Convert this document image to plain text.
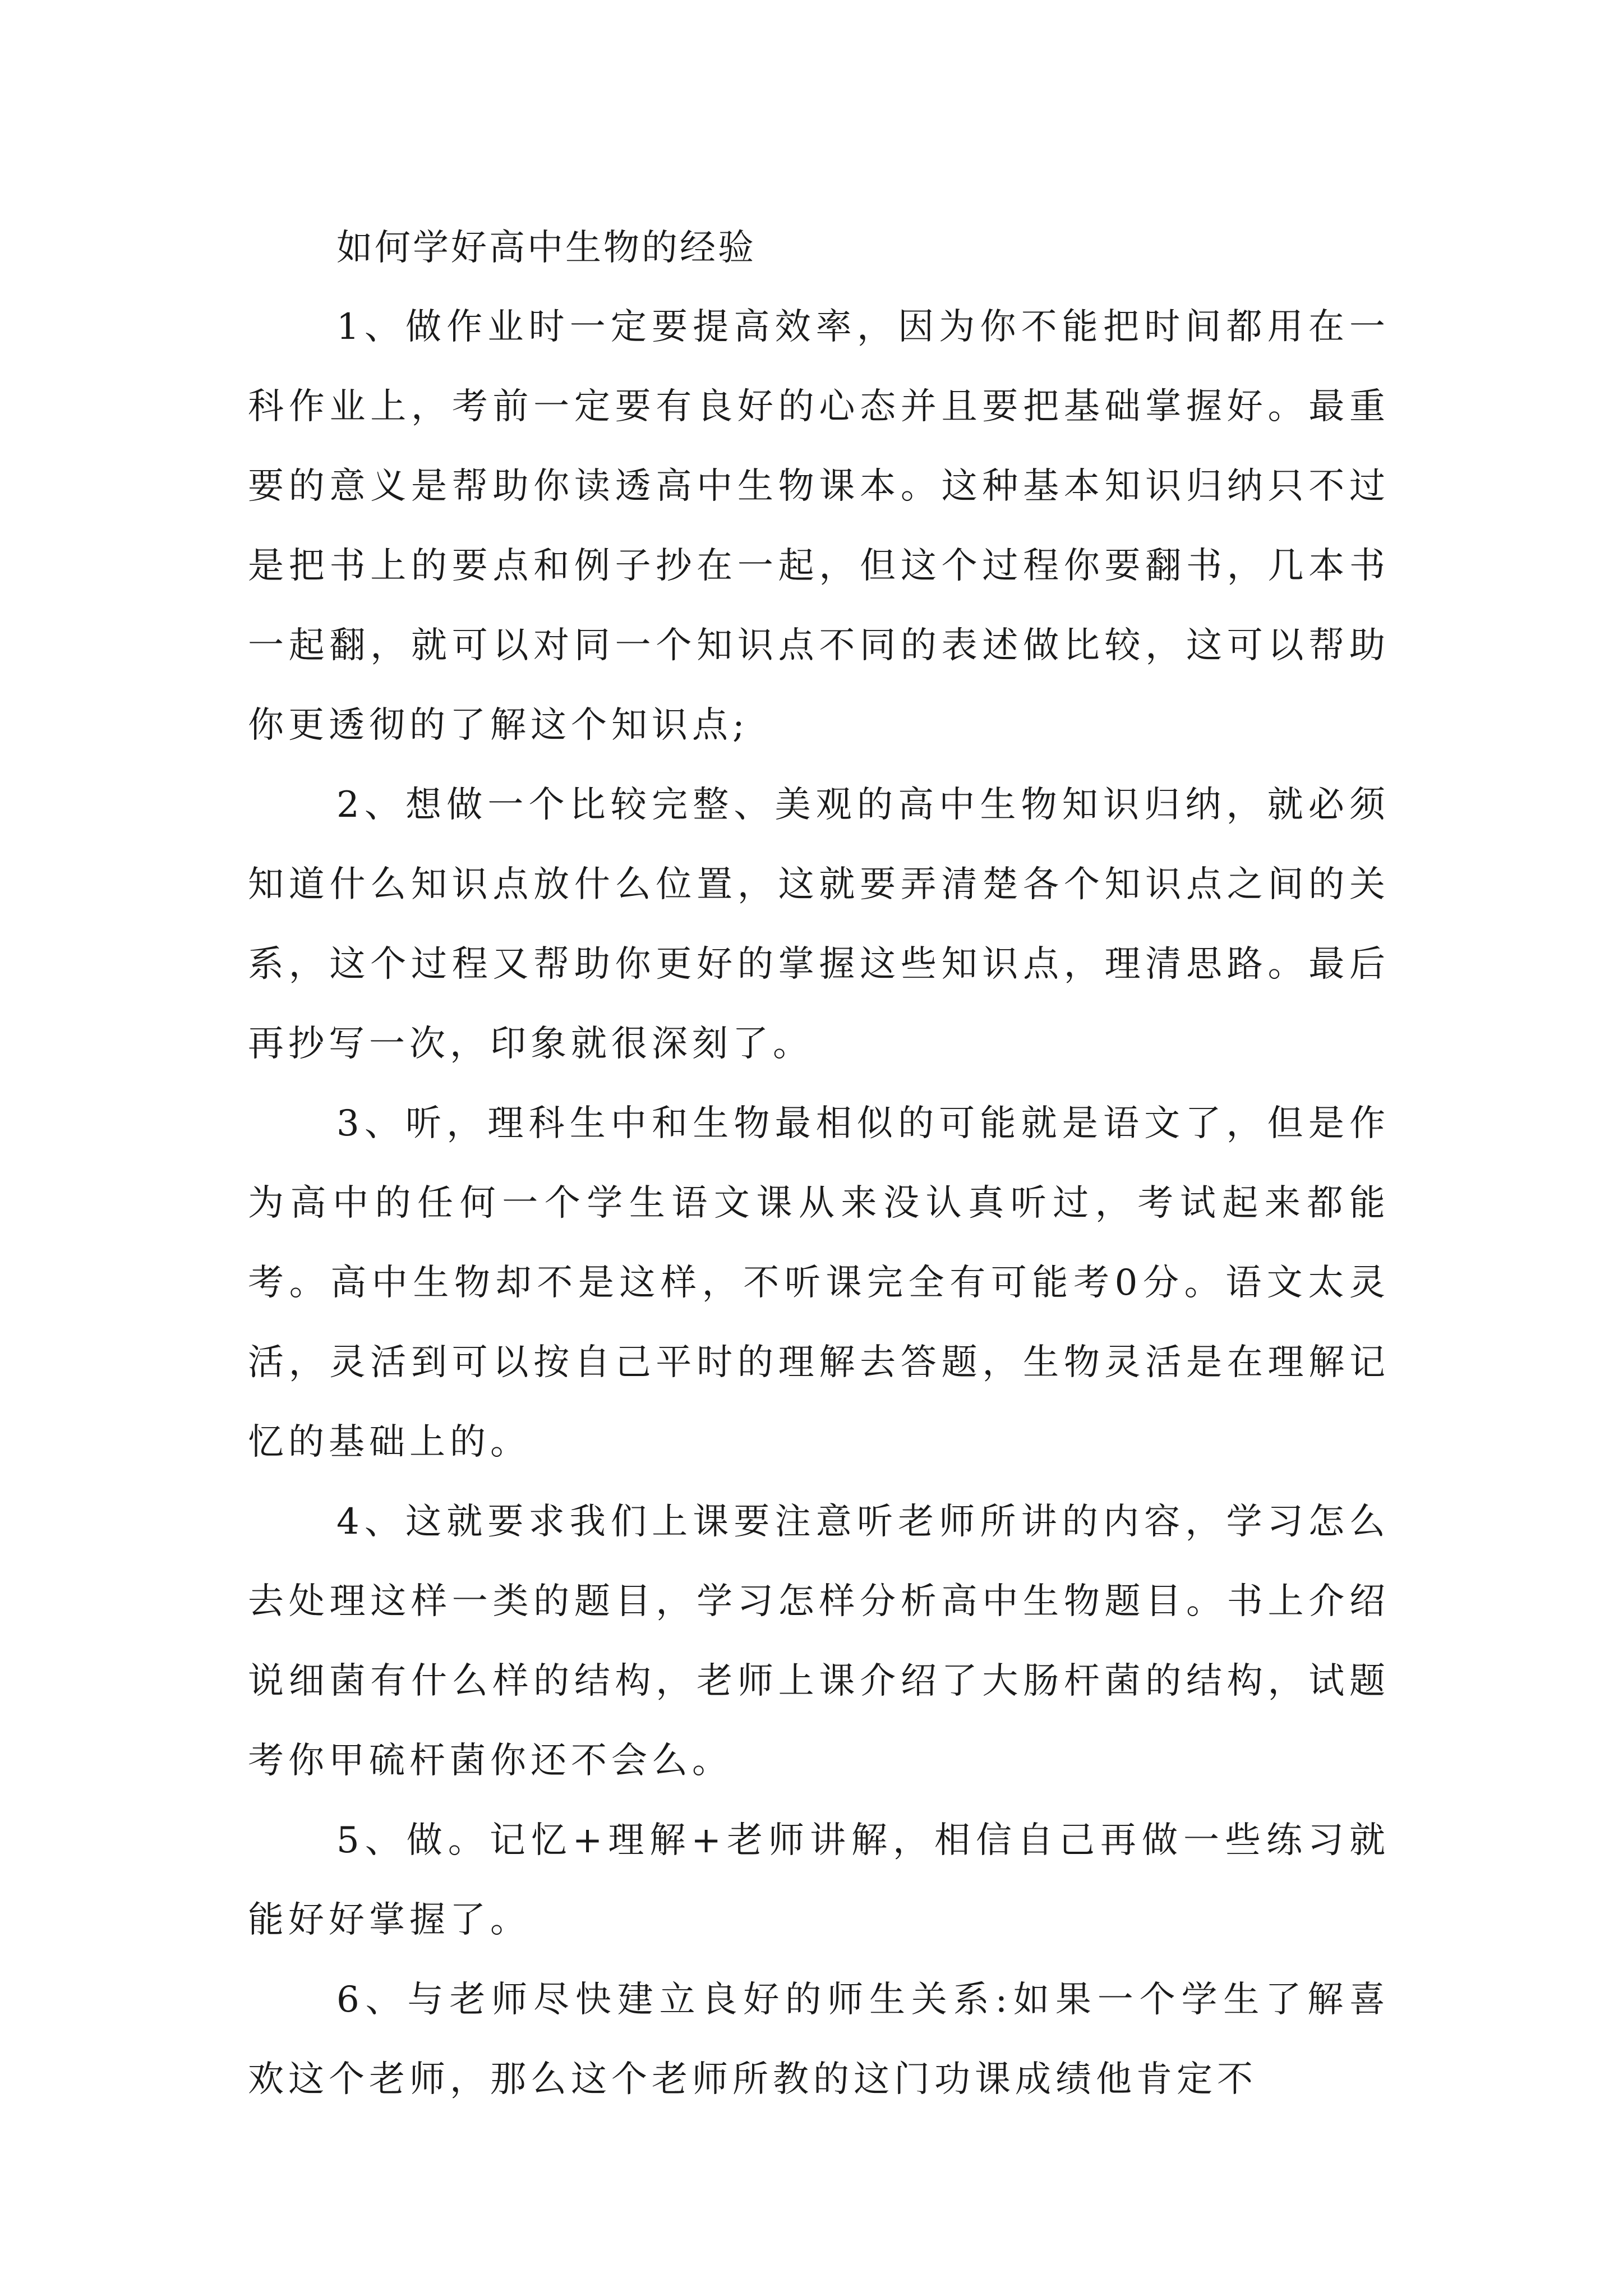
如何学好高中生物的经验

1、做作业时一定要提高效率，因为你不能把时间都用在一科作业上，考前一定要有良好的心态并且要把基础掌握好。最重要的意义是帮助你读透高中生物课本。这种基本知识归纳只不过是把书上的要点和例子抄在一起，但这个过程你要翻书，几本书一起翻，就可以对同一个知识点不同的表述做比较，这可以帮助你更透彻的了解这个知识点;

2、想做一个比较完整、美观的高中生物知识归纳，就必须知道什么知识点放什么位置，这就要弄清楚各个知识点之间的关系，这个过程又帮助你更好的掌握这些知识点，理清思路。最后再抄写一次，印象就很深刻了。

3、听，理科生中和生物最相似的可能就是语文了，但是作为高中的任何一个学生语文课从来没认真听过，考试起来都能考。高中生物却不是这样，不听课完全有可能考0分。语文太灵活，灵活到可以按自己平时的理解去答题，生物灵活是在理解记忆的基础上的。

4、这就要求我们上课要注意听老师所讲的内容，学习怎么去处理这样一类的题目，学习怎样分析高中生物题目。书上介绍说细菌有什么样的结构，老师上课介绍了大肠杆菌的结构，试题考你甲硫杆菌你还不会么。

5、做。记忆+理解+老师讲解，相信自己再做一些练习就能好好掌握了。

6、与老师尽快建立良好的师生关系:如果一个学生了解喜欢这个老师，那么这个老师所教的这门功课成绩他肯定不
